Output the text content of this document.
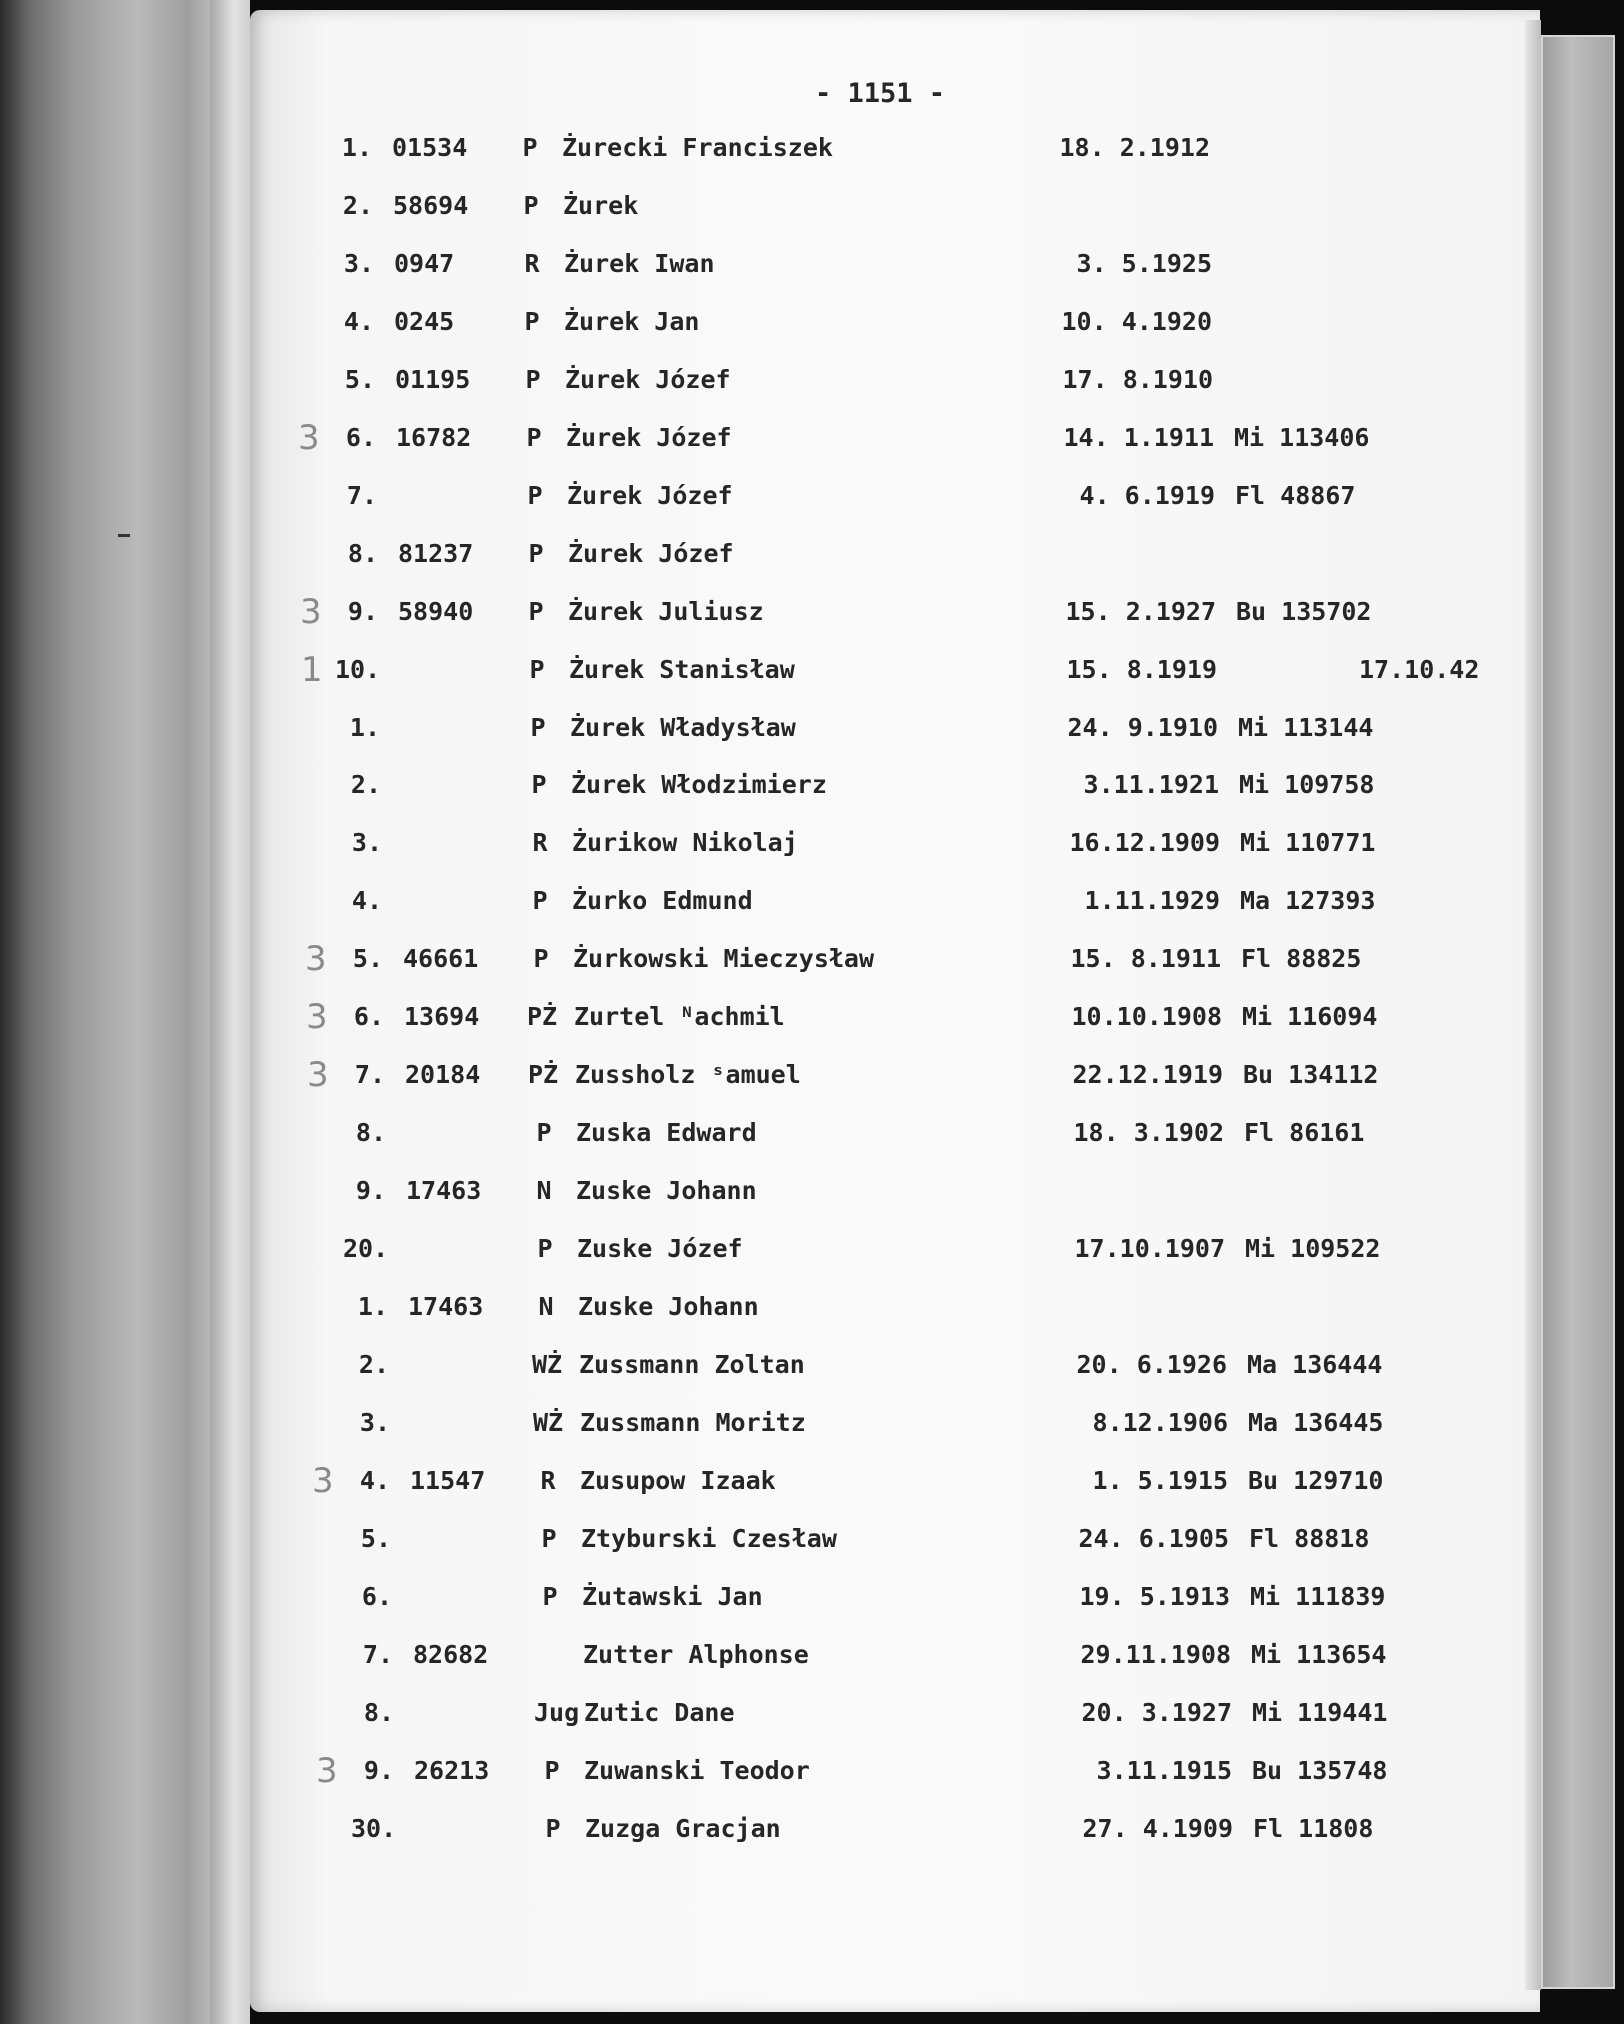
- 1151 -
1. 01534	P Żurecki Franciszek	18. 2.1912
2. 58694	P Żurek
3. 0947	R Żurek Iwan	3. 5.1925
4. 0245	P Żurek Jan	10. 4.1920
5. 01195	P Żurek Józef	17. 8.1910
3	6. 16782	P Żurek Józef	14. 1.1911 Mi 113406
7.	P Żurek Józef	4. 6.1919 Fl 48867
8. 81237	P Żurek Józef
3	9. 58940	P Żurek Juliusz	15. 2.1927 Bu 135702
1 10.	P Żurek Stanisław	15. 8.1919	17.10.42
1.	P Żurek Władysław	24. 9.1910 Mi 113144
2.	P Żurek Włodzimierz	3.11.1921 Mi 109758
3.	R Żurikow Nikolaj	16.12.1909 Mi 110771
4.	P Żurko Edmund	1.11.1929 Ma 127393
3	5. 46661	P Żurkowski Mieczysław	15. 8.1911 Fl 88825
3	6. 13694 PŻ Zurtel ᴺachmil	10.10.1908 Mi 116094
3	7. 20184 PŻ Zussholz ˢamuel	22.12.1919 Bu 134112
8.	P Zuska Edward	18. 3.1902 Fl 86161
9. 17463	N Zuske Johann
20.	P Zuske Józef	17.10.1907 Mi 109522
1. 17463	N Zuske Johann
2.	WŻ Zussmann Zoltan	20. 6.1926 Ma 136444
3.	WŻ Zussmann Moritz	8.12.1906 Ma 136445
3	4. 11547	R Zusupow Izaak	1. 5.1915 Bu 129710
5.	P Ztyburski Czesław	24. 6.1905 Fl 88818
6.	P Żutawski Jan	19. 5.1913 Mi 111839
7. 82682	Zutter Alphonse	29.11.1908 Mi 113654
8.	Jug Zutic Dane	20. 3.1927 Mi 119441
3	9. 26213	P Zuwanski Teodor	3.11.1915 Bu 135748
30.	P Zuzga Gracjan	27. 4.1909 Fl 11808
